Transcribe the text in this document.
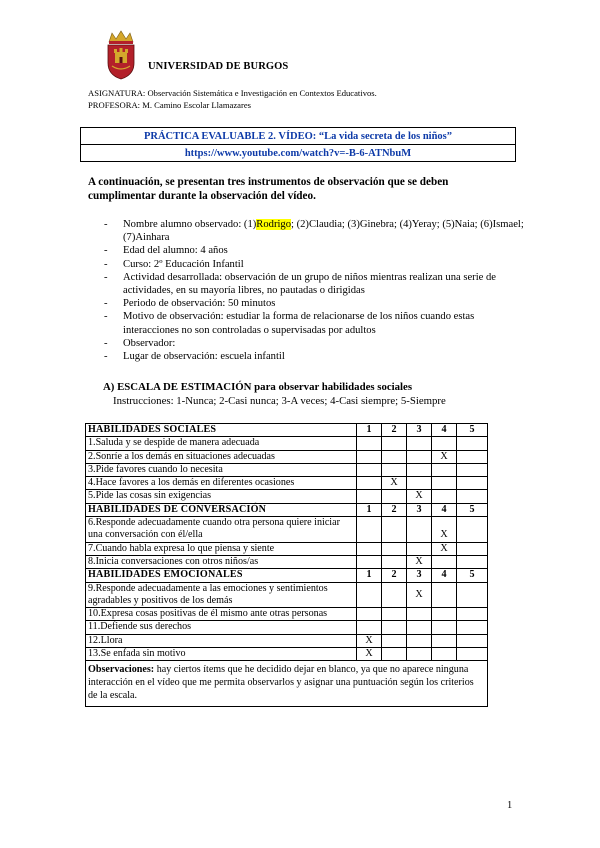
UNIVERSIDAD DE BURGOS
ASIGNATURA: Observación Sistemática e Investigación en Contextos Educativos.
PROFESORA: M. Camino Escolar Llamazares
PRÁCTICA EVALUABLE 2. VÍDEO: “La vida secreta de los niños”
https://www.youtube.com/watch?v=-B-6-ATNbuM
A continuación, se presentan tres instrumentos de observación que se deben cumplimentar durante la observación del vídeo.
- Nombre alumno observado: (1)Rodrigo; (2)Claudia; (3)Ginebra; (4)Yeray; (5)Naia; (6)Ismael; (7)Ainhara
- Edad del alumno: 4 años
- Curso: 2º Educación Infantil
- Actividad desarrollada: observación de un grupo de niños mientras realizan una serie de actividades, en su mayoría libres, no pautadas o dirigidas
- Periodo de observación: 50 minutos
- Motivo de observación: estudiar la forma de relacionarse de los niños cuando estas interacciones no son controladas o supervisadas por adultos
- Observador:
- Lugar de observación: escuela infantil
A) ESCALA DE ESTIMACIÓN para observar habilidades sociales
Instrucciones: 1-Nunca; 2-Casi nunca; 3-A veces; 4-Casi siempre; 5-Siempre
HABILIDADES SOCIALES	1	2	3	4	5
1.Saluda y se despide de manera adecuada					
2.Sonríe a los demás en situaciones adecuadas				X	
3.Pide favores cuando lo necesita					
4.Hace favores a los demás en diferentes ocasiones		X			
5.Pide las cosas sin exigencias			X		
HABILIDADES DE CONVERSACIÓN	1	2	3	4	5
6.Responde adecuadamente cuando otra persona quiere iniciar una conversación con él/ella				X	
7.Cuando habla expresa lo que piensa y siente				X	
8.Inicia conversaciones con otros niños/as			X		
HABILIDADES EMOCIONALES	1	2	3	4	5
9.Responde adecuadamente a las emociones y sentimientos agradables y positivos de los demás			X		
10.Expresa cosas positivas de él mismo ante otras personas					
11.Defiende sus derechos					
12.Llora	X				
13.Se enfada sin motivo	X				
Observaciones: hay ciertos ítems que he decidido dejar en blanco, ya que no aparece ninguna interacción en el vídeo que me permita observarlos y asignar una puntuación según los criterios de la escala.					
1
